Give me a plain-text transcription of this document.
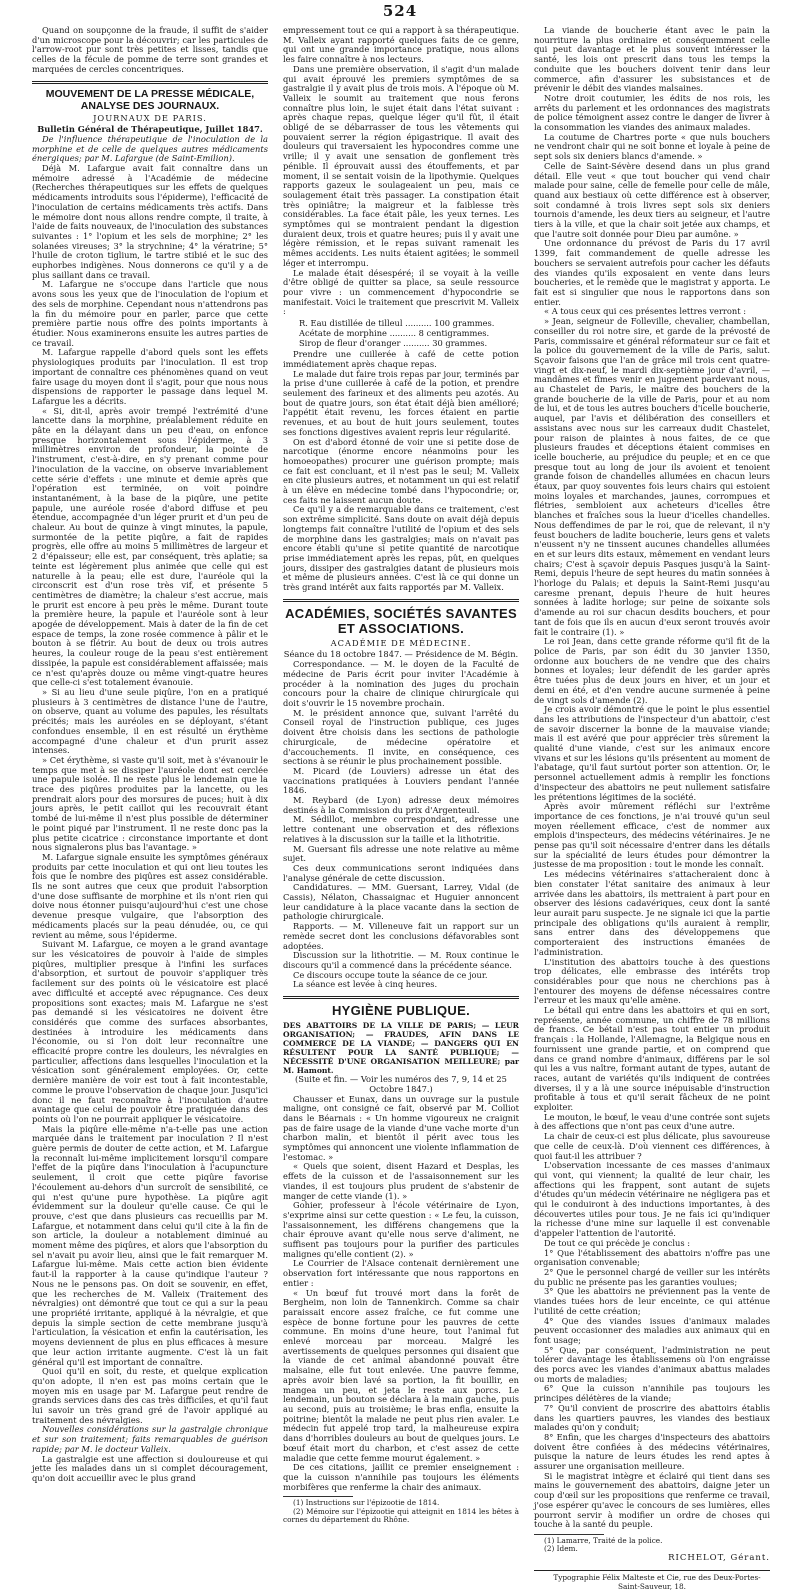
524

Quand on soupçonne de la fraude, il suffit de s'aider d'un microscope pour la découvrir; car les particules de l'arrow-root pur sont très petites et lisses, tandis que celles de la fécule de pomme de terre sont grandes et marquées de cercles concentriques.

MOUVEMENT DE LA PRESSE MÉDICALE, ANALYSE DES JOURNAUX.
JOURNAUX DE PARIS.

Bulletin Général de Thérapeutique, Juillet 1847.

De l'influence thérapeutique de l'inoculation de la morphine et de celle de quelques autres médicaments énergiques; par M. Lafargue (de Saint-Emilion).

Déjà M. Lafargue avait fait connaître dans un mémoire adressé à l'Académie de médecine (Recherches thérapeutiques sur les effets de quelques médicaments introduits sous l'épiderme), l'efficacité de l'inoculation de certains médicaments très actifs. Dans le mémoire dont nous allons rendre compte, il traite, à l'aide de faits nouveaux, de l'inoculation des substances suivantes : 1° l'opium et les sels de morphine; 2° les solanées vireuses; 3° la strychnine; 4° la vératrine; 5° l'huile de croton tiglium, le tartre stibié et le suc des euphorbes indigènes. Nous donnerons ce qu'il y a de plus saillant dans ce travail.

M. Lafargue ne s'occupe dans l'article que nous avons sous les yeux que de l'inoculation de l'opium et des sels de morphine. Cependant nous n'attendrons pas la fin du mémoire pour en parler, parce que cette première partie nous offre des points importants à étudier. Nous examinerons ensuite les autres parties de ce travail.

M. Lafargue rappelle d'abord quels sont les effets physiologiques produits par l'inoculation. Il est trop important de connaître ces phénomènes quand on veut faire usage du moyen dont il s'agit, pour que nous nous dispensions de rapporter le passage dans lequel M. Lafargue les a décrits.

« Si, dit-il, après avoir trempé l'extrémité d'une lancette dans la morphine, préalablement réduite en pâte en la délayant dans un peu d'eau, on enfonce presque horizontalement sous l'épiderme, à 3 millimètres environ de profondeur, la pointe de l'instrument, c'est-à-dire, en s'y prenant comme pour l'inoculation de la vaccine, on observe invariablement cette série d'effets : une minute et demie après que l'opération est terminée, on voit poindre instantanément, à la base de la piqûre, une petite papule, une auréole rosée d'abord diffuse et peu étendue, accompagnée d'un léger prurit et d'un peu de chaleur. Au bout de quinze à vingt minutes, la papule, surmontée de la petite piqûre, a fait de rapides progrès, elle offre au moins 5 millimètres de largeur et 2 d'épaisseur; elle est, par conséquent, très aplatie; sa teinte est légèrement plus animée que celle qui est naturelle à la peau; elle est dure, l'auréole qui la circonscrit est d'un rose très vif, et présente 5 centimètres de diamètre; la chaleur s'est accrue, mais le prurit est encore à peu près le même. Durant toute la première heure, la papule et l'auréole sont à leur apogée de développement. Mais à dater de la fin de cet espace de temps, la zone rosée commence à pâlir et le bouton à se flétrir. Au bout de deux ou trois autres heures, la couleur rouge de la peau s'est entièrement dissipée, la papule est considérablement affaissée; mais ce n'est qu'après douze ou même vingt-quatre heures que celle-ci s'est totalement évanouie.

» Si au lieu d'une seule piqûre, l'on en a pratiqué plusieurs à 3 centimètres de distance l'une de l'autre, on observe, quant au volume des papules, les résultats précités; mais les auréoles en se déployant, s'étant confondues ensemble, il en est résulté un érythème accompagné d'une chaleur et d'un prurit assez intenses.

» Cet érythème, si vaste qu'il soit, met à s'évanouir le temps que met à se dissiper l'auréole dont est cerclée une papule isolée. Il ne reste plus le lendemain que la trace des piqûres produites par la lancette, ou les prendrait alors pour des morsures de puces; huit à dix jours après, le petit caillot qui les recouvrait étant tombé de lui-même il n'est plus possible de déterminer le point piqué par l'instrument. Il ne reste donc pas la plus petite cicatrice : circonstance importante et dont nous signalerons plus bas l'avantage. »

M. Lafargue signale ensuite les symptômes généraux produits par cette inoculation et qui ont lieu toutes les fois que le nombre des piqûres est assez considérable. Ils ne sont autres que ceux que produit l'absorption d'une dose suffisante de morphine et ils n'ont rien qui doive nous étonner puisqu'aujourd'hui c'est une chose devenue presque vulgaire, que l'absorption des médicaments placés sur la peau dénudée, ou, ce qui revient au même, sous l'épiderme.

Suivant M. Lafargue, ce moyen a le grand avantage sur les vésicatoires de pouvoir à l'aide de simples piqûres, multiplier presque à l'infini les surfaces d'absorption, et surtout de pouvoir s'appliquer très facilement sur des points où le vésicatoire est placé avec difficulté et accepté avec répugnance. Ces deux propositions sont exactes; mais M. Lafargue ne s'est pas demandé si les vésicatoires ne doivent être considérés que comme des surfaces absorbantes, destinées à introduire les médicaments dans l'économie, ou si l'on doit leur reconnaître une efficacité propre contre les douleurs, les névralgies en particulier, affections dans lesquelles l'inoculation et la vésication sont généralement employées. Or, cette dernière manière de voir est tout à fait incontestable, comme le prouve l'observation de chaque jour. Jusqu'ici donc il ne faut reconnaître à l'inoculation d'autre avantage que celui de pouvoir être pratiquée dans des points où l'on ne pourrait appliquer le vésicatoire.

Mais la piqûre elle-même n'a-t-elle pas une action marquée dans le traitement par inoculation ? Il n'est guère permis de douter de cette action, et M. Lafargue la reconnaît lui-même implicitement lorsqu'il compare l'effet de la piqûre dans l'inoculation à l'acupuncture seulement, il croit que cette piqûre favorise l'écoulement au-dehors d'un surcroît de sensibilité, ce qui n'est qu'une pure hypothèse. La piqûre agit évidemment sur la douleur qu'elle cause. Ce qui le prouve, c'est que dans plusieurs cas recueillis par M. Lafargue, et notamment dans celui qu'il cite à la fin de son article, la douleur a notablement diminué au moment même des piqûres, et alors que l'absorption du sel n'avait pu avoir lieu, ainsi que le fait remarquer M. Lafargue lui-même. Mais cette action bien évidente faut-il la rapporter à la cause qu'indique l'auteur ? Nous ne le pensons pas. On doit se souvenir, en effet, que les recherches de M. Valleix (Traitement des névralgies) ont démontré que tout ce qui a sur la peau une propriété irritante, appliqué à la névralgie, et que depuis la simple section de cette membrane jusqu'à l'articulation, la vésication et enfin la cautérisation, les moyens deviennent de plus en plus efficaces à mesure que leur action irritante augmente. C'est là un fait général qu'il est important de connaître.

Quoi qu'il en soit, du reste, et quelque explication qu'on adopte, il n'en est pas moins certain que le moyen mis en usage par M. Lafargue peut rendre de grands services dans des cas très difficiles, et qu'il faut lui savoir un très grand gré de l'avoir appliqué au traitement des névralgies.

Nouvelles considérations sur la gastralgie chronique et sur son traitement; faits remarquables de guérison rapide; par M. le docteur Valleix.

La gastralgie est une affection si douloureuse et qui jette les malades dans un si complet découragement, qu'on doit accueillir avec le plus grand

empressement tout ce qui a rapport à sa thérapeutique. M. Valleix ayant rapporté quelques faits de ce genre, qui ont une grande importance pratique, nous allons les faire connaître à nos lecteurs.

Dans une première observation, il s'agit d'un malade qui avait éprouvé les premiers symptômes de sa gastralgie il y avait plus de trois mois. A l'époque où M. Valleix le soumit au traitement que nous ferons connaître plus loin, le sujet était dans l'état suivant : après chaque repas, quelque léger qu'il fût, il était obligé de se débarrasser de tous les vêtements qui pouvaient serrer la région épigastrique. Il avait des douleurs qui traversaient les hypocondres comme une vrille; il y avait une sensation de gonflement très pénible. Il éprouvait aussi des étouffements, et par moment, il se sentait voisin de la lipothymie. Quelques rapports gazeux le soulageaient un peu, mais ce soulagement était très passager. La constipation était très opiniâtre; la maigreur et la faiblesse très considérables. La face était pâle, les yeux ternes. Les symptômes qui se montraient pendant la digestion duraient deux, trois et quatre heures; puis il y avait une légère rémission, et le repas suivant ramenait les mêmes accidents. Les nuits étaient agitées; le sommeil léger et interrompu.

Le malade était désespéré; il se voyait à la veille d'être obligé de quitter sa place, sa seule ressource pour vivre : un commencement d'hypocondrie se manifestait. Voici le traitement que prescrivit M. Valleix :

R. Eau distillée de tilleul .......... 100 grammes.
Acétate de morphine .......... 8 centigrammes.
Sirop de fleur d'oranger .......... 30 grammes.

Prendre une cuillerée à café de cette potion immédiatement après chaque repas.

Le malade dut faire trois repas par jour, terminés par la prise d'une cuillerée à café de la potion, et prendre seulement des farineux et des aliments peu azotés. Au bout de quatre jours, son état était déjà bien amélioré; l'appétit était revenu, les forces étaient en partie revenues, et au bout de huit jours seulement, toutes ses fonctions digestives avaient repris leur régularité.

On est d'abord étonné de voir une si petite dose de narcotique (énorme encore néanmoins pour les homoeopathes) procurer une guérison prompte; mais ce fait est concluant, et il n'est pas le seul; M. Valleix en cite plusieurs autres, et notamment un qui est relatif à un élève en médecine tombé dans l'hypocondrie; or, ces faits ne laissent aucun doute.

Ce qu'il y a de remarquable dans ce traitement, c'est son extrême simplicité. Sans doute on avait déjà depuis longtemps fait connaître l'utilité de l'opium et des sels de morphine dans les gastralgies; mais on n'avait pas encore établi qu'une si petite quantité de narcotique prise immédiatement après les repas, pût, en quelques jours, dissiper des gastralgies datant de plusieurs mois et même de plusieurs années. C'est là ce qui donne un très grand intérêt aux faits rapportés par M. Valleix.

ACADÉMIES, SOCIÉTÉS SAVANTES ET ASSOCIATIONS.
ACADÉMIE DE MÉDECINE.

Séance du 18 octobre 1847. — Présidence de M. Bégin.

Correspondance. — M. le doyen de la Faculté de médecine de Paris écrit pour inviter l'Académie à procéder à la nomination des juges du prochain concours pour la chaire de clinique chirurgicale qui doit s'ouvrir le 15 novembre prochain.

M. le président annonce que, suivant l'arrêté du Conseil royal de l'instruction publique, ces juges doivent être choisis dans les sections de pathologie chirurgicale, de médecine opératoire et d'accouchements. Il invite, en conséquence, ces sections à se réunir le plus prochainement possible.

M. Picard (de Louviers) adresse un état des vaccinations pratiquées à Louviers pendant l'année 1846.

M. Reybard (de Lyon) adresse deux mémoires destinés à la Commission du prix d'Argenteuil.

M. Sédillot, membre correspondant, adresse une lettre contenant une observation et des réflexions relatives à la discussion sur la taille et la lithotritie.

M. Guersant fils adresse une note relative au même sujet.

Ces deux communications seront indiquées dans l'analyse générale de cette discussion.

Candidatures. — MM. Guersant, Larrey, Vidal (de Cassis), Nélaton, Chassaignac et Huguier annoncent leur candidature à la place vacante dans la section de pathologie chirurgicale.

Rapports. — M. Villeneuve fait un rapport sur un remède secret dont les conclusions défavorables sont adoptées.

Discussion sur la lithotritie. — M. Roux continue le discours qu'il a commencé dans la précédente séance.

Ce discours occupe toute la séance de ce jour.

La séance est levée à cinq heures.

HYGIÈNE PUBLIQUE.

DES ABATTOIRS DE LA VILLE DE PARIS; — LEUR ORGANISATION; — FRAUDES, AFIN DANS LE COMMERCE DE LA VIANDE; — DANGERS QUI EN RÉSULTENT POUR LA SANTÉ PUBLIQUE; — NÉCESSITÉ D'UNE ORGANISATION MEILLEURE; par M. Hamont.

(Suite et fin. — Voir les numéros des 7, 9, 14 et 25 Octobre 1847.)

Chausser et Eunax, dans un ouvrage sur la pustule maligne, ont consigné ce fait, observé par M. Colliot dans le Béarnais : « Un homme vigoureux ne craignit pas de faire usage de la viande d'une vache morte d'un charbon malin, et bientôt il périt avec tous les symptômes qui annoncent une violente inflammation de l'estomac. »

« Quels que soient, disent Hazard et Desplas, les effets de la cuisson et de l'assaisonnement sur les viandes, il est toujours plus prudent de s'abstenir de manger de cette viande (1). »

Gohier, professeur à l'école vétérinaire de Lyon, s'exprime ainsi sur cette question : « Le feu, la cuisson, l'assaisonnement, les différens changemens que la chair éprouve avant qu'elle nous serve d'aliment, ne suffisent pas toujours pour la purifier des particules malignes qu'elle contient (2). »

Le Courrier de l'Alsace contenait dernièrement une observation fort intéressante que nous rapportons en entier :

« Un bœuf fut trouvé mort dans la forêt de Bergheim, non loin de Tannenkirch. Comme sa chair paraissait encore assez fraîche, ce fut comme une espèce de bonne fortune pour les pauvres de cette commune. En moins d'une heure, tout l'animal fut enlevé morceau par morceau. Malgré les avertissements de quelques personnes qui disaient que la viande de cet animal abandonné pouvait être malsaine, elle fut tout enlevée. Une pauvre femme, après avoir bien lavé sa portion, la fit bouillir, en mangea un peu, et jeta le reste aux porcs. Le lendemain, un bouton se déclara à la main gauche, puis au second, puis au troisième; le bras enfla, ensuite la poitrine; bientôt la malade ne peut plus rien avaler. Le médecin fut appelé trop tard, la malheureuse expira dans d'horribles douleurs au bout de quelques jours. Le bœuf était mort du charbon, et c'est assez de cette maladie que cette femme mourut également. »

De ces citations, jaillit ce premier enseignement : que la cuisson n'annihile pas toujours les éléments morbifères que renferme la chair des animaux.

(1) Instructions sur l'épizootie de 1814.

(2) Mémoire sur l'épizootie qui atteignit en 1814 les bêtes à cornes du département du Rhône.

La viande de boucherie étant avec le pain la nourriture la plus ordinaire et conséquemment celle qui peut davantage et le plus souvent intéresser la santé, les lois ont prescrit dans tous les temps la conduite que les bouchers doivent tenir dans leur commerce, afin d'assurer les subsistances et de prévenir le débit des viandes malsaines.

Notre droit coutumier, les édits de nos rois, les arrêts du parlement et les ordonnances des magistrats de police témoignent assez contre le danger de livrer à la consommation les viandes des animaux malades.

La coutume de Chartres porte « que nuls bouchers ne vendront chair qui ne soit bonne et loyale à peine de sept sols six deniers blancs d'amende. »

Celle de Saint-Sévère desend dans un plus grand détail. Elle veut « que tout boucher qui vend chair malade pour saine, celle de femelle pour celle de mâle, quand aux bestiaux où cette différence est à observer, soit condamné à trois livres sept sols six deniers tournois d'amende, les deux tiers au seigneur, et l'autre tiers à la ville, et que la chair soit jetée aux champs, et que l'autre soit donnée pour Dieu par aumône. »

Une ordonnance du prévost de Paris du 17 avril 1399, fait commandement de quelle adresse les bouchers se servaient autrefois pour cacher les défauts des viandes qu'ils exposaient en vente dans leurs boucheries, et le remède que le magistrat y apporta. Le fait est si singulier que nous le rapportons dans son entier.

« A tous ceux qui ces présentes lettres verront :

» Jean, seigneur de Folleville, chevalier, chambellan, conseiller du roi notre sire, et garde de la prévosté de Paris, commissaire et général réformateur sur ce fait et la police du gouvernement de la ville de Paris, salut. Sçavoir faisons que l'an de grâce mil trois cent quatre-vingt et dix-neuf, le mardi dix-septième jour d'avril, — mandâmes et fîmes venir en jugement pardevant nous, au Chastelet de Paris, le maître des bouchers de la grande boucherie de la ville de Paris, pour et au nom de lui, et de tous les autres bouchers d'icelle boucherie, auquel, par l'avis et délibération des conseillers et assistans avec nous sur les carreaux dudit Chastelet, pour raison de plaintes à nous faites, de ce que plusieurs fraudes et déceptions étaient commises en icelle boucherie, au préjudice du peuple; et en ce que presque tout au long de jour ils avoient et tenoient grande foison de chandelles allumées en chacun leurs étaux, par quoy souventes fois leurs chairs qui estoient moins loyales et marchandes, jaunes, corrompues et flétries, sembloient aux acheteurs d'icelles être blanches et fraîches sous la lueur d'icelles chandelles. Nous deffendimes de par le roi, que de relevant, il n'y feust bouchers de ladite boucherie, leurs gens et valets n'eussent n'y ne tinssent aucunes chandelles allumées en et sur leurs dits estaux, mêmement en vendant leurs chairs; C'est à sçavoir depuis Pasques jusqu'à la Saint-Remi, depuis l'heure de sept heures du matin sonnées à l'horloge du Palais; et depuis la Saint-Remi jusqu'au caresme prenant, depuis l'heure de huit heures sonnées à ladite horloge; sur peine de soixante sols d'amende au roi sur chacun desdits bouchers, et pour tant de fois que ils en aucun d'eux seront trouvés avoir fait le contraire (1). »

Le roi Jean, dans cette grande réforme qu'il fit de la police de Paris, par son édit du 30 janvier 1350, ordonne aux bouchers de ne vendre que des chairs bonnes et loyales; leur défendit de les garder après être tuées plus de deux jours en hiver, et un jour et demi en été, et d'en vendre aucune surmenée à peine de vingt sols d'amende (2).

Je crois avoir démontré que le point le plus essentiel dans les attributions de l'inspecteur d'un abattoir, c'est de savoir discerner la bonne de la mauvaise viande; mais il est avéré que pour apprécier très sûrement la qualité d'une viande, c'est sur les animaux encore vivans et sur les lésions qu'ils présentent au moment de l'abatage, qu'il faut surtout porter son attention. Or, le personnel actuellement admis à remplir les fonctions d'inspecteur des abattoirs ne peut nullement satisfaire les prétentions légitimes de la société.

Après avoir mûrement réfléchi sur l'extrême importance de ces fonctions, je n'ai trouvé qu'un seul moyen réellement efficace, c'est de nommer aux emplois d'inspecteurs, des médecins vétérinaires. Je ne pense pas qu'il soit nécessaire d'entrer dans les détails sur la spécialité de leurs études pour démontrer la justesse de ma proposition : tout le monde les connaît.

Les médecins vétérinaires s'attacheraient donc à bien constater l'état sanitaire des animaux à leur arrivée dans les abattoirs, ils mettraient à part pour en observer des lésions cadavériques, ceux dont la santé leur aurait paru suspecte. Je ne signale ici que la partie principale des obligations qu'ils auraient à remplir, sans entrer dans des développemens que comporteraient des instructions émanées de l'administration.

L'institution des abattoirs touche à des questions trop délicates, elle embrasse des intérêts trop considérables pour que nous ne cherchions pas à l'entourer des moyens de défense nécessaires contre l'erreur et les maux qu'elle amène.

Le bétail qui entre dans les abattoirs et qui en sort, représente, année commune, un chiffre de 78 millions de francs. Ce bétail n'est pas tout entier un produit français : la Hollande, l'Allemagne, la Belgique nous en fournissent une grande partie, et on comprend que dans ce grand nombre d'animaux, différens par le sol qui les a vus naître, formant autant de types, autant de races, autant de variétés qu'ils indiquent de contrées diverses, il y a là une source inépuisable d'instruction profitable à tous et qu'il serait fâcheux de ne point exploiter.

Le mouton, le bœuf, le veau d'une contrée sont sujets à des affections que n'ont pas ceux d'une autre.

La chair de ceux-ci est plus délicate, plus savoureuse que celle de ceux-là. D'où viennent ces différences, à quoi faut-il les attribuer ?

L'observation incessante de ces masses d'animaux qui vont, qui viennent; la qualité de leur chair, les affections qui les frappent, sont autant de sujets d'études qu'un médecin vétérinaire ne négligera pas et qui le conduiront à des inductions importantes, à des découvertes utiles pour tous. Je ne fais ici qu'indiquer la richesse d'une mine sur laquelle il est convenable d'appeler l'attention de l'autorité.

De tout ce qui précède je conclus :

1° Que l'établissement des abattoirs n'offre pas une organisation convenable;

2° Que le personnel chargé de veiller sur les intérêts du public ne présente pas les garanties voulues;

3° Que les abattoirs ne préviennent pas la vente de viandes tuées hors de leur enceinte, ce qui atténue l'utilité de cette création;

4° Que des viandes issues d'animaux malades peuvent occasionner des maladies aux animaux qui en font usage;

5° Que, par conséquent, l'administration ne peut tolérer davantage les établissemens où l'on engraisse des porcs avec les viandes d'animaux abattus malades ou morts de maladies;

6° Que la cuisson n'annihile pas toujours les principes délétères de la viande;

7° Qu'il convient de proscrire des abattoirs établis dans les quartiers pauvres, les viandes des bestiaux malades qu'on y conduit;

8° Enfin, que les charges d'inspecteurs des abattoirs doivent être confiées à des médecins vétérinaires, puisque la nature de leurs études les rend aptes à assurer une organisation meilleure.

Si le magistrat intègre et éclairé qui tient dans ses mains le gouvernement des abattoirs, daigne jeter un coup d'œil sur les propositions que renferme ce travail, j'ose espérer qu'avec le concours de ses lumières, elles pourront servir à modifier un ordre de choses qui touche à la santé du peuple.

(1) Lamarre, Traité de la police.

(2) Idem.

RICHELOT, Gérant.

Typographie Félix Malteste et Cie, rue des Deux-Portes-Saint-Sauveur, 18.
